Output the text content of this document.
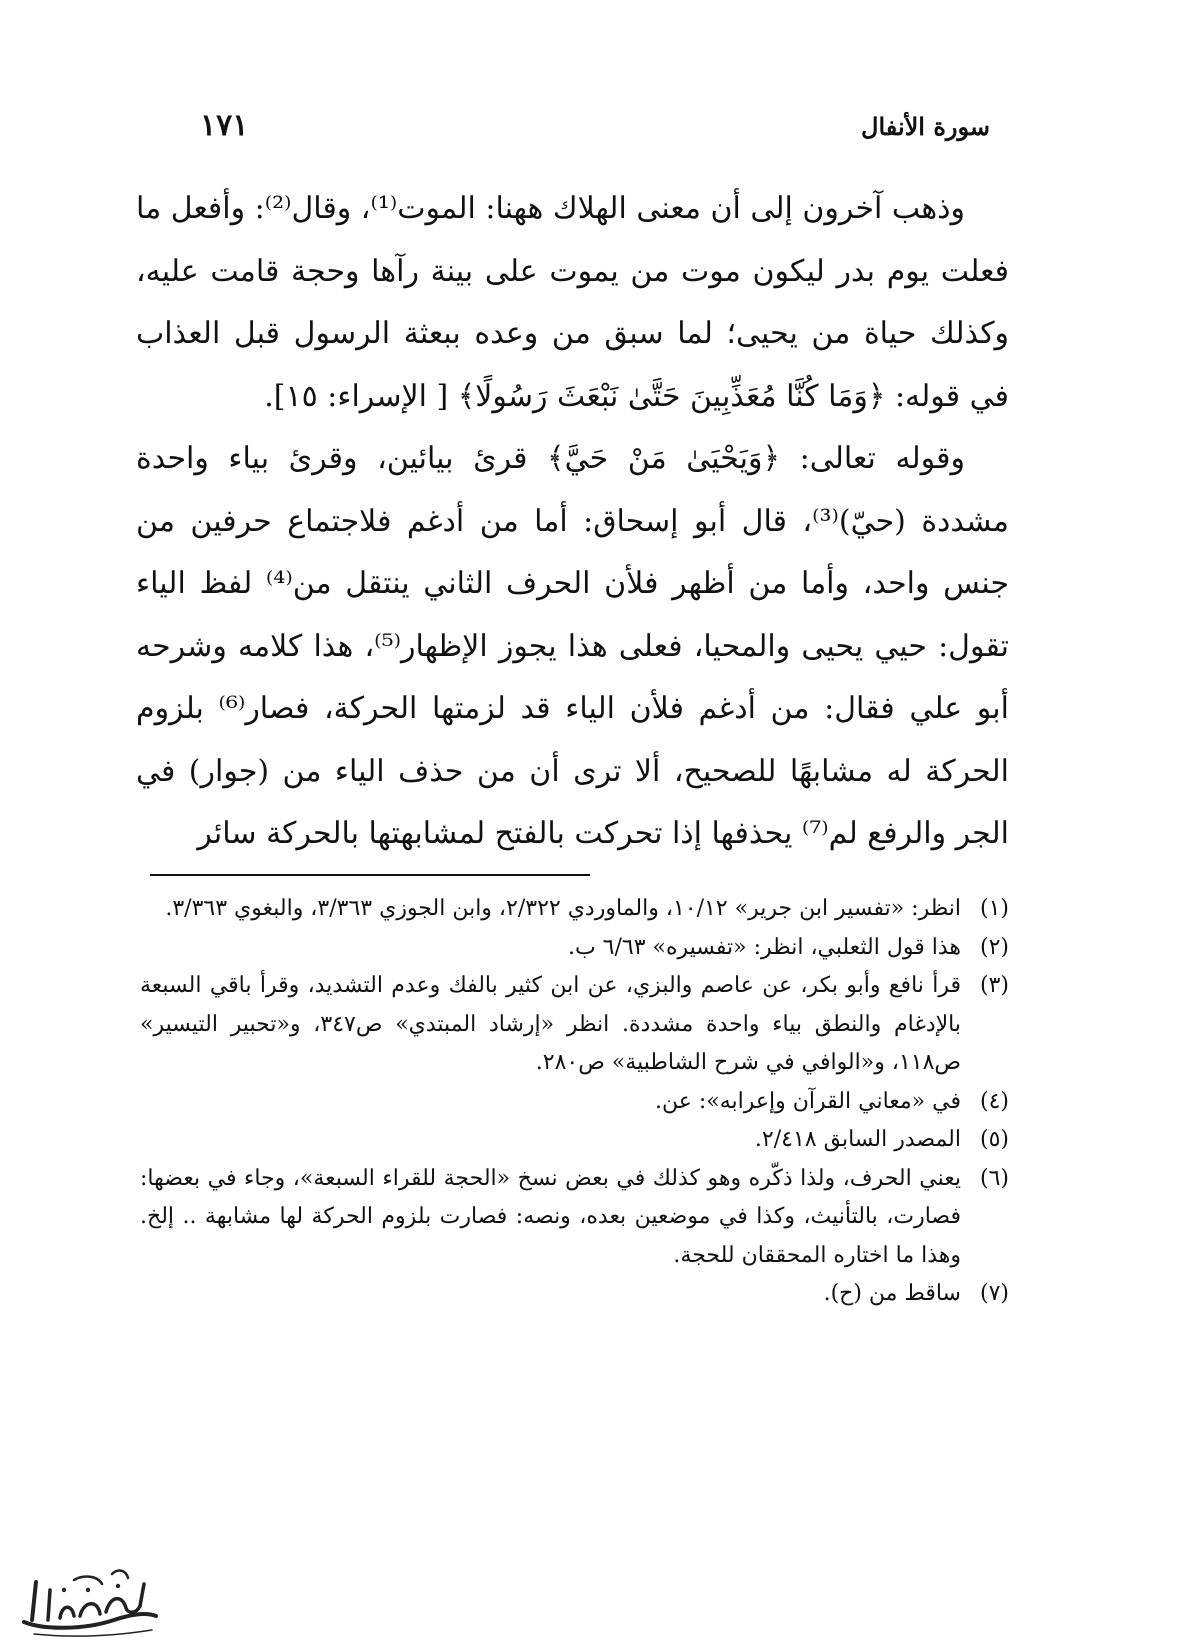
سورة الأنفال
١٧١

وذهب آخرون إلى أن معنى الهلاك ههنا: الموت⁽¹⁾، وقال⁽²⁾: وأفعل ما فعلت يوم بدر ليكون موت من يموت على بينة رآها وحجة قامت عليه، وكذلك حياة من يحيى؛ لما سبق من وعده ببعثة الرسول قبل العذاب في قوله: ﴿وَمَا كُنَّا مُعَذِّبِينَ حَتَّىٰ نَبْعَثَ رَسُولًا﴾ [ الإسراء: ١٥].

وقوله تعالى: ﴿وَيَحْيَىٰ مَنْ حَيَّ﴾ قرئ بيائين، وقرئ بياء واحدة مشددة (حيّ)⁽³⁾، قال أبو إسحاق: أما من أدغم فلاجتماع حرفين من جنس واحد، وأما من أظهر فلأن الحرف الثاني ينتقل من⁽⁴⁾ لفظ الياء تقول: حيي يحيى والمحيا، فعلى هذا يجوز الإظهار⁽⁵⁾، هذا كلامه وشرحه أبو علي فقال: من أدغم فلأن الياء قد لزمتها الحركة، فصار⁽⁶⁾ بلزوم الحركة له مشابهًا للصحيح، ألا ترى أن من حذف الياء من (جوار) في الجر والرفع لم⁽⁷⁾ يحذفها إذا تحركت بالفتح لمشابهتها بالحركة سائر

(١)
انظر: «تفسير ابن جرير» ١٠/١٢، والماوردي ٢/٣٢٢، وابن الجوزي ٣/٣٦٣، والبغوي ٣/٣٦٣.
(٢)
هذا قول الثعلبي، انظر: «تفسيره» ٦/٦٣ ب.
(٣)
قرأ نافع وأبو بكر، عن عاصم والبزي، عن ابن كثير بالفك وعدم التشديد، وقرأ باقي السبعة بالإدغام والنطق بياء واحدة مشددة. انظر «إرشاد المبتدي» ص٣٤٧، و«تحبير التيسير» ص١١٨، و«الوافي في شرح الشاطبية» ص٢٨٠.
(٤)
في «معاني القرآن وإعرابه»: عن.
(٥)
المصدر السابق ٢/٤١٨.
(٦)
يعني الحرف، ولذا ذكّره وهو كذلك في بعض نسخ «الحجة للقراء السبعة»، وجاء في بعضها: فصارت، بالتأنيث، وكذا في موضعين بعده، ونصه: فصارت بلزوم الحركة لها مشابهة .. إلخ. وهذا ما اختاره المحققان للحجة.
(٧)
ساقط من (ح).
